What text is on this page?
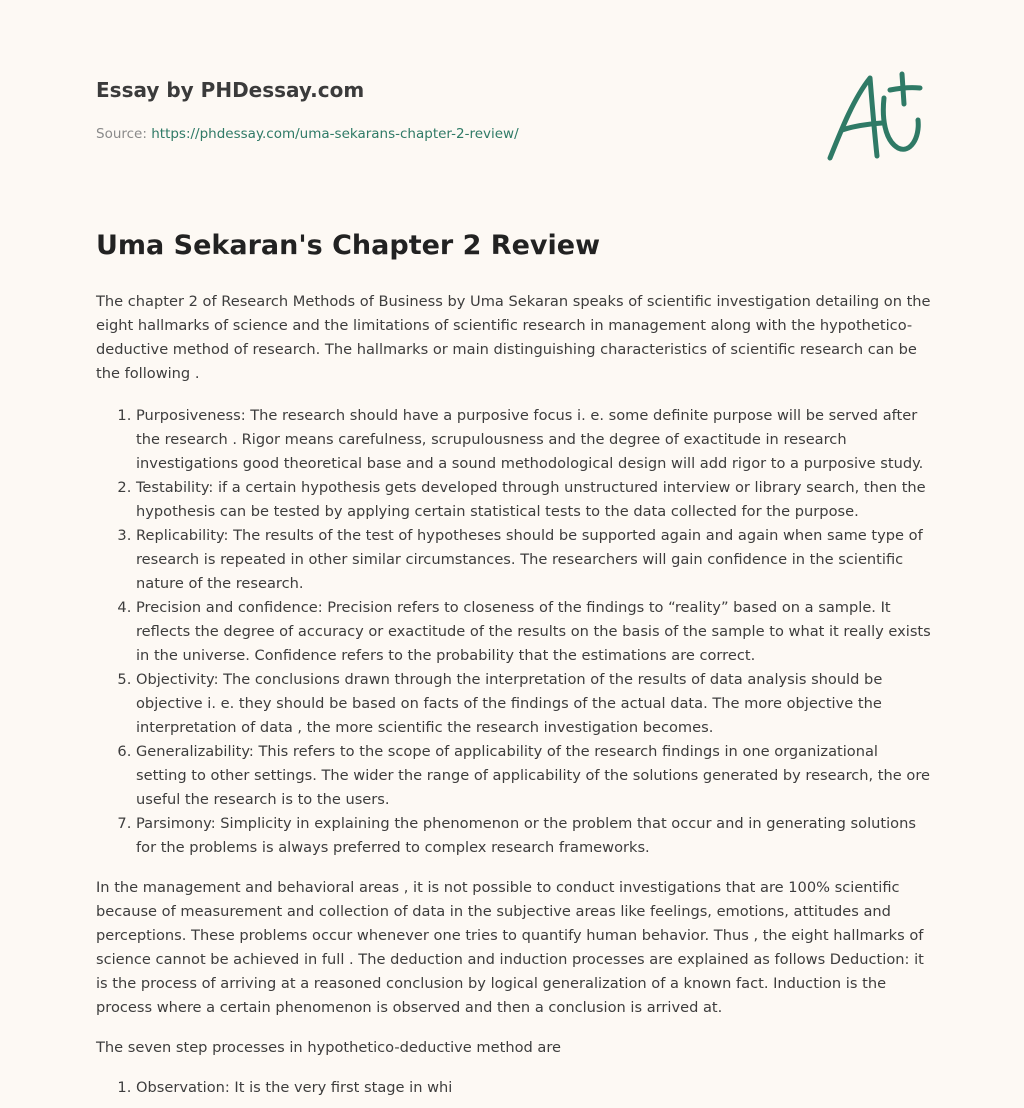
Essay by PHDessay.com
Source: https://phdessay.com/uma-sekarans-chapter-2-review/
Uma Sekaran's Chapter 2 Review

The chapter 2 of Research Methods of Business by Uma Sekaran speaks of scientific investigation detailing on the eight hallmarks of science and the limitations of scientific research in management along with the hypothetico-deductive method of research. The hallmarks or main distinguishing characteristics of scientific research can be the following .

1. Purposiveness: The research should have a purposive focus i. e. some definite purpose will be served after the research . Rigor means carefulness, scrupulousness and the degree of exactitude in research investigations good theoretical base and a sound methodological design will add rigor to a purposive study.
2. Testability: if a certain hypothesis gets developed through unstructured interview or library search, then the hypothesis can be tested by applying certain statistical tests to the data collected for the purpose.
3. Replicability: The results of the test of hypotheses should be supported again and again when same type of research is repeated in other similar circumstances. The researchers will gain confidence in the scientific nature of the research.
4. Precision and confidence: Precision refers to closeness of the findings to “reality” based on a sample. It reflects the degree of accuracy or exactitude of the results on the basis of the sample to what it really exists in the universe. Confidence refers to the probability that the estimations are correct.
5. Objectivity: The conclusions drawn through the interpretation of the results of data analysis should be objective i. e. they should be based on facts of the findings of the actual data. The more objective the interpretation of data , the more scientific the research investigation becomes.
6. Generalizability: This refers to the scope of applicability of the research findings in one organizational setting to other settings. The wider the range of applicability of the solutions generated by research, the ore useful the research is to the users.
7. Parsimony: Simplicity in explaining the phenomenon or the problem that occur and in generating solutions for the problems is always preferred to complex research frameworks.

In the management and behavioral areas , it is not possible to conduct investigations that are 100% scientific because of measurement and collection of data in the subjective areas like feelings, emotions, attitudes and perceptions. These problems occur whenever one tries to quantify human behavior. Thus , the eight hallmarks of science cannot be achieved in full . The deduction and induction processes are explained as follows Deduction: it is the process of arriving at a reasoned conclusion by logical generalization of a known fact. Induction is the process where a certain phenomenon is observed and then a conclusion is arrived at.

The seven step processes in hypothetico-deductive method are

1. Observation: It is the very first stage in whi
